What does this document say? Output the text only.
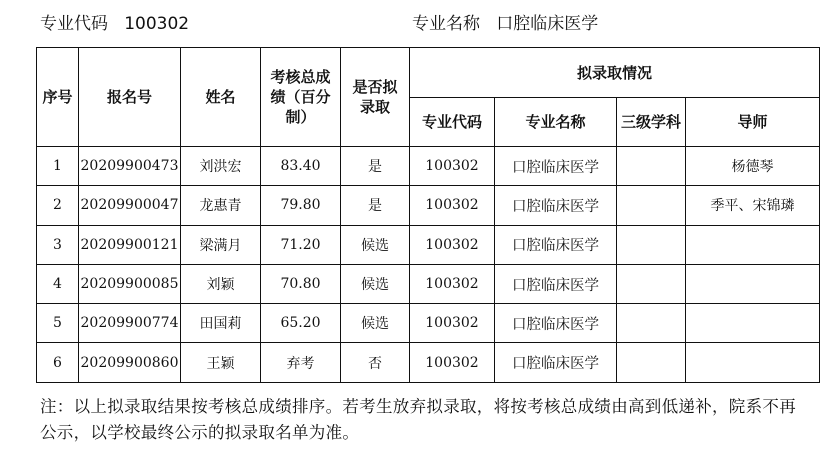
专业代码 100302	专业名称 口腔临床医学
序号	报名号	姓名	考核总成绩（百分制）	是否拟录取	拟录取情况			
					专业代码	专业名称	三级学科	导师
1	20209900473	刘洪宏	83.40	是	100302	口腔临床医学		杨德琴
2	20209900047	龙惠青	79.80	是	100302	口腔临床医学		季平、宋锦璘
3	20209900121	梁满月	71.20	候选	100302	口腔临床医学		
4	20209900085	刘颖	70.80	候选	100302	口腔临床医学		
5	20209900774	田国莉	65.20	候选	100302	口腔临床医学		
6	20209900860	王颖	弃考	否	100302	口腔临床医学		
注：以上拟录取结果按考核总成绩排序。若考生放弃拟录取，将按考核总成绩由高到低递补，院系不再公示，以学校最终公示的拟录取名单为准。
